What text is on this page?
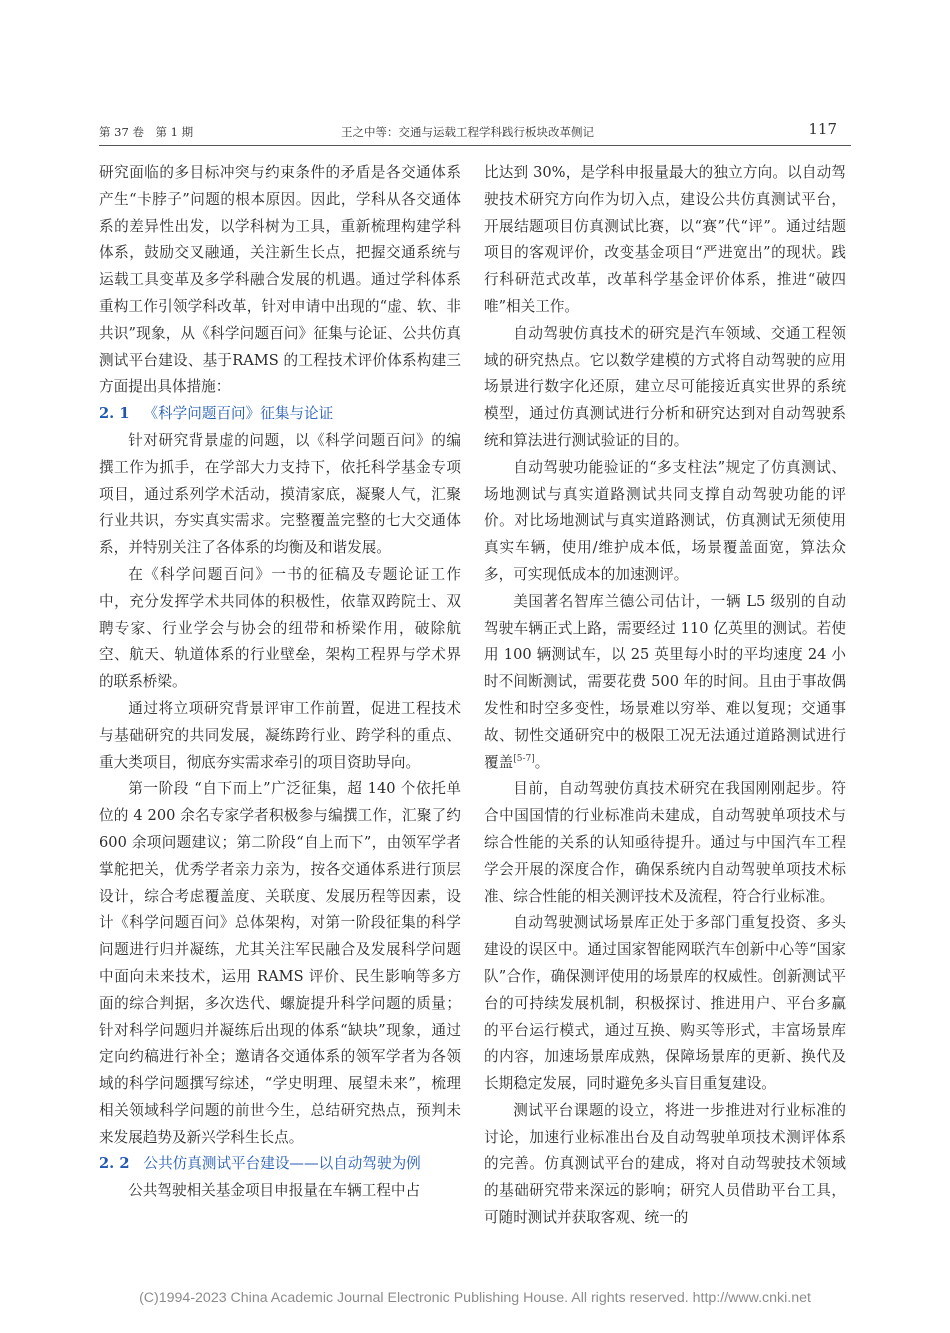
第 37 卷　第 1 期	王之中等：交通与运载工程学科践行板块改革侧记	117

研究面临的多目标冲突与约束条件的矛盾是各交通体系产生“卡脖子”问题的根本原因。因此，学科从各交通体系的差异性出发，以学科树为工具，重新梳理构建学科体系，鼓励交叉融通，关注新生长点，把握交通系统与运载工具变革及多学科融合发展的机遇。通过学科体系重构工作引领学科改革，针对申请中出现的“虚、软、非共识”现象，从《科学问题百问》征集与论证、公共仿真测试平台建设、基于RAMS 的工程技术评价体系构建三方面提出具体措施：

2. 1 《科学问题百问》征集与论证

针对研究背景虚的问题，以《科学问题百问》的编撰工作为抓手，在学部大力支持下，依托科学基金专项项目，通过系列学术活动，摸清家底，凝聚人气，汇聚行业共识，夯实真实需求。完整覆盖完整的七大交通体系，并特别关注了各体系的均衡及和谐发展。

在《科学问题百问》一书的征稿及专题论证工作中，充分发挥学术共同体的积极性，依靠双跨院士、双聘专家、行业学会与协会的纽带和桥梁作用，破除航空、航天、轨道体系的行业壁垒，架构工程界与学术界的联系桥梁。

通过将立项研究背景评审工作前置，促进工程技术与基础研究的共同发展，凝练跨行业、跨学科的重点、重大类项目，彻底夯实需求牵引的项目资助导向。

第一阶段 “自下而上”广泛征集，超 140 个依托单位的 4 200 余名专家学者积极参与编撰工作，汇聚了约 600 余项问题建议；第二阶段“自上而下”，由领军学者掌舵把关，优秀学者亲力亲为，按各交通体系进行顶层设计，综合考虑覆盖度、关联度、发展历程等因素，设计《科学问题百问》总体架构，对第一阶段征集的科学问题进行归并凝练，尤其关注军民融合及发展科学问题中面向未来技术，运用 RAMS 评价、民生影响等多方面的综合判据，多次迭代、螺旋提升科学问题的质量；针对科学问题归并凝练后出现的体系“缺块”现象，通过定向约稿进行补全；邀请各交通体系的领军学者为各领域的科学问题撰写综述，“学史明理、展望未来”，梳理相关领域科学问题的前世今生，总结研究热点，预判未来发展趋势及新兴学科生长点。

2. 2 公共仿真测试平台建设——以自动驾驶为例

公共驾驶相关基金项目申报量在车辆工程中占

比达到 30%，是学科申报量最大的独立方向。以自动驾驶技术研究方向作为切入点，建设公共仿真测试平台，开展结题项目仿真测试比赛，以“赛”代“评”。通过结题项目的客观评价，改变基金项目“严进宽出”的现状。践行科研范式改革，改革科学基金评价体系，推进“破四唯”相关工作。

自动驾驶仿真技术的研究是汽车领域、交通工程领域的研究热点。它以数学建模的方式将自动驾驶的应用场景进行数字化还原，建立尽可能接近真实世界的系统模型，通过仿真测试进行分析和研究达到对自动驾驶系统和算法进行测试验证的目的。

自动驾驶功能验证的“多支柱法”规定了仿真测试、场地测试与真实道路测试共同支撑自动驾驶功能的评价。对比场地测试与真实道路测试，仿真测试无须使用真实车辆，使用/维护成本低，场景覆盖面宽，算法众多，可实现低成本的加速测评。

美国著名智库兰德公司估计，一辆 L5 级别的自动驾驶车辆正式上路，需要经过 110 亿英里的测试。若使用 100 辆测试车，以 25 英里每小时的平均速度 24 小时不间断测试，需要花费 500 年的时间。且由于事故偶发性和时空多变性，场景难以穷举、难以复现；交通事故、韧性交通研究中的极限工况无法通过道路测试进行覆盖[5-7]。

目前，自动驾驶仿真技术研究在我国刚刚起步。符合中国国情的行业标准尚未建成，自动驾驶单项技术与综合性能的关系的认知亟待提升。通过与中国汽车工程学会开展的深度合作，确保系统内自动驾驶单项技术标准、综合性能的相关测评技术及流程，符合行业标准。

自动驾驶测试场景库正处于多部门重复投资、多头建设的误区中。通过国家智能网联汽车创新中心等“国家队”合作，确保测评使用的场景库的权威性。创新测试平台的可持续发展机制，积极探讨、推进用户、平台多赢的平台运行模式，通过互换、购买等形式，丰富场景库的内容，加速场景库成熟，保障场景库的更新、换代及长期稳定发展，同时避免多头盲目重复建设。

测试平台课题的设立，将进一步推进对行业标准的讨论，加速行业标准出台及自动驾驶单项技术测评体系的完善。仿真测试平台的建成，将对自动驾驶技术领域的基础研究带来深远的影响；研究人员借助平台工具，可随时测试并获取客观、统一的

(C)1994-2023 China Academic Journal Electronic Publishing House. All rights reserved. http://www.cnki.net
